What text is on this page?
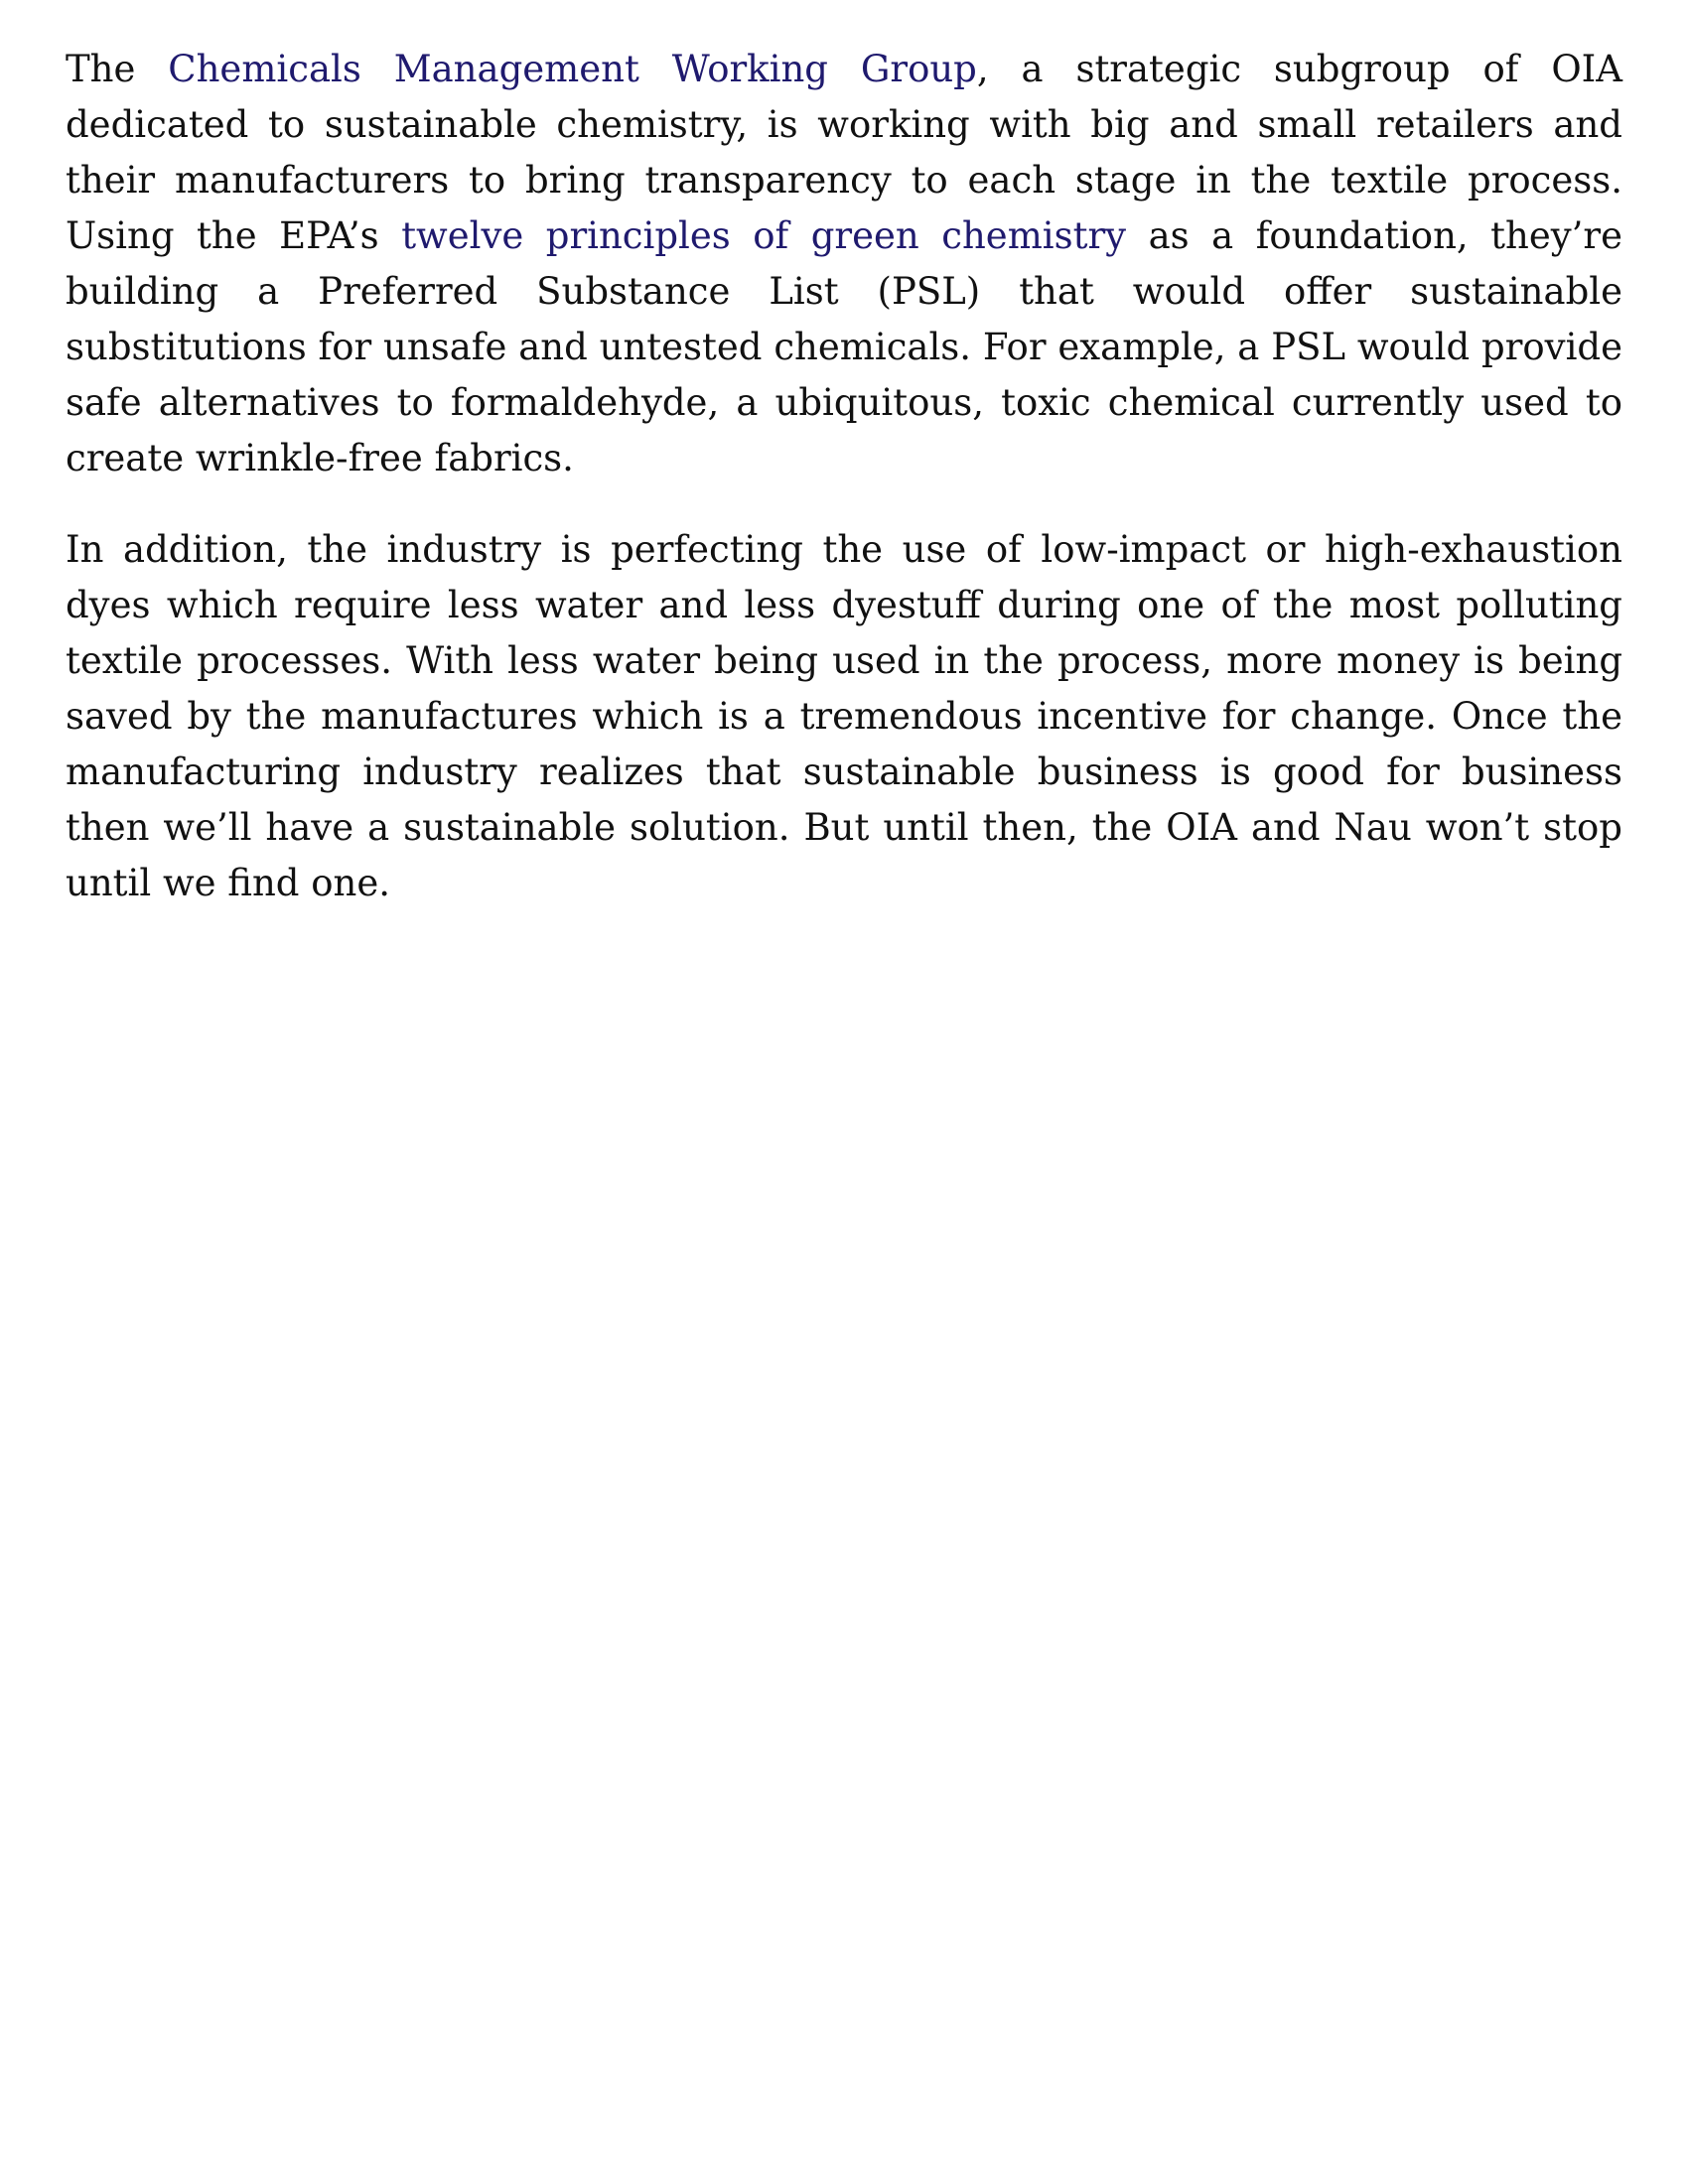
The Chemicals Management Working Group, a strategic subgroup of OIA dedicated to sustainable chemistry, is working with big and small retailers and their manufacturers to bring transparency to each stage in the textile process. Using the EPA’s twelve principles of green chemistry as a foundation, they’re building a Preferred Substance List (PSL) that would offer sustainable substitutions for unsafe and untested chemicals. For example, a PSL would provide safe alternatives to formaldehyde, a ubiquitous, toxic chemical currently used to create wrinkle-free fabrics.

In addition, the industry is perfecting the use of low-impact or high-exhaustion dyes which require less water and less dyestuff during one of the most polluting textile processes. With less water being used in the process, more money is being saved by the manufactures which is a tremendous incentive for change. Once the manufacturing industry realizes that sustainable business is good for business then we’ll have a sustainable solution. But until then, the OIA and Nau won’t stop until we find one.
